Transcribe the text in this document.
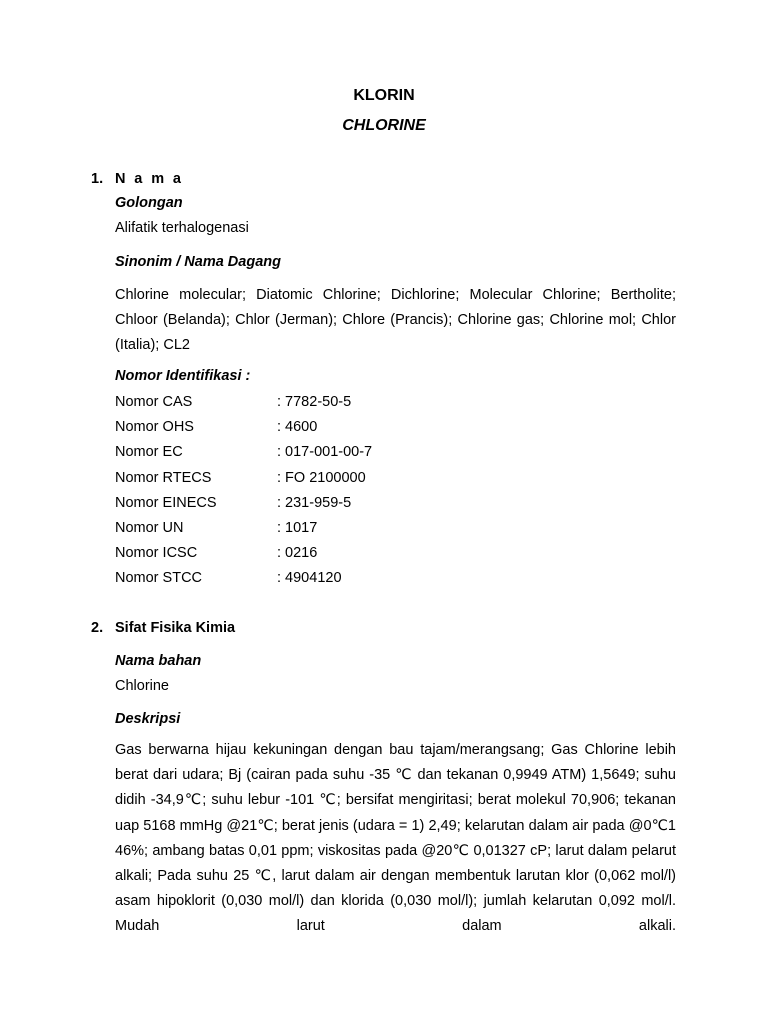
KLORIN
CHLORINE
1. N a m a
Golongan
Alifatik terhalogenasi
Sinonim / Nama Dagang
Chlorine molecular; Diatomic Chlorine; Dichlorine; Molecular Chlorine; Bertholite; Chloor (Belanda); Chlor (Jerman); Chlore (Prancis); Chlorine gas; Chlorine mol; Chlor (Italia); CL2
Nomor Identifikasi :
Nomor CAS	: 7782-50-5
Nomor OHS	: 4600
Nomor EC	: 017-001-00-7
Nomor RTECS	: FO 2100000
Nomor EINECS	: 231-959-5
Nomor UN	: 1017
Nomor ICSC	: 0216
Nomor STCC	: 4904120
2. Sifat Fisika Kimia
Nama bahan
Chlorine
Deskripsi
Gas berwarna hijau kekuningan dengan bau tajam/merangsang; Gas Chlorine lebih berat dari udara; Bj (cairan pada suhu -35 ℃ dan tekanan 0,9949 ATM) 1,5649; suhu didih -34,9℃; suhu lebur -101 ℃; bersifat mengiritasi; berat molekul 70,906; tekanan uap 5168 mmHg @21℃; berat jenis (udara = 1) 2,49; kelarutan dalam air pada @0℃1 46%; ambang batas 0,01 ppm; viskositas pada @20℃ 0,01327 cP; larut dalam pelarut alkali; Pada suhu 25 ℃, larut dalam air dengan membentuk larutan klor (0,062 mol/l) asam hipoklorit (0,030 mol/l) dan klorida (0,030 mol/l); jumlah kelarutan 0,092 mol/l. Mudah larut dalam alkali.
